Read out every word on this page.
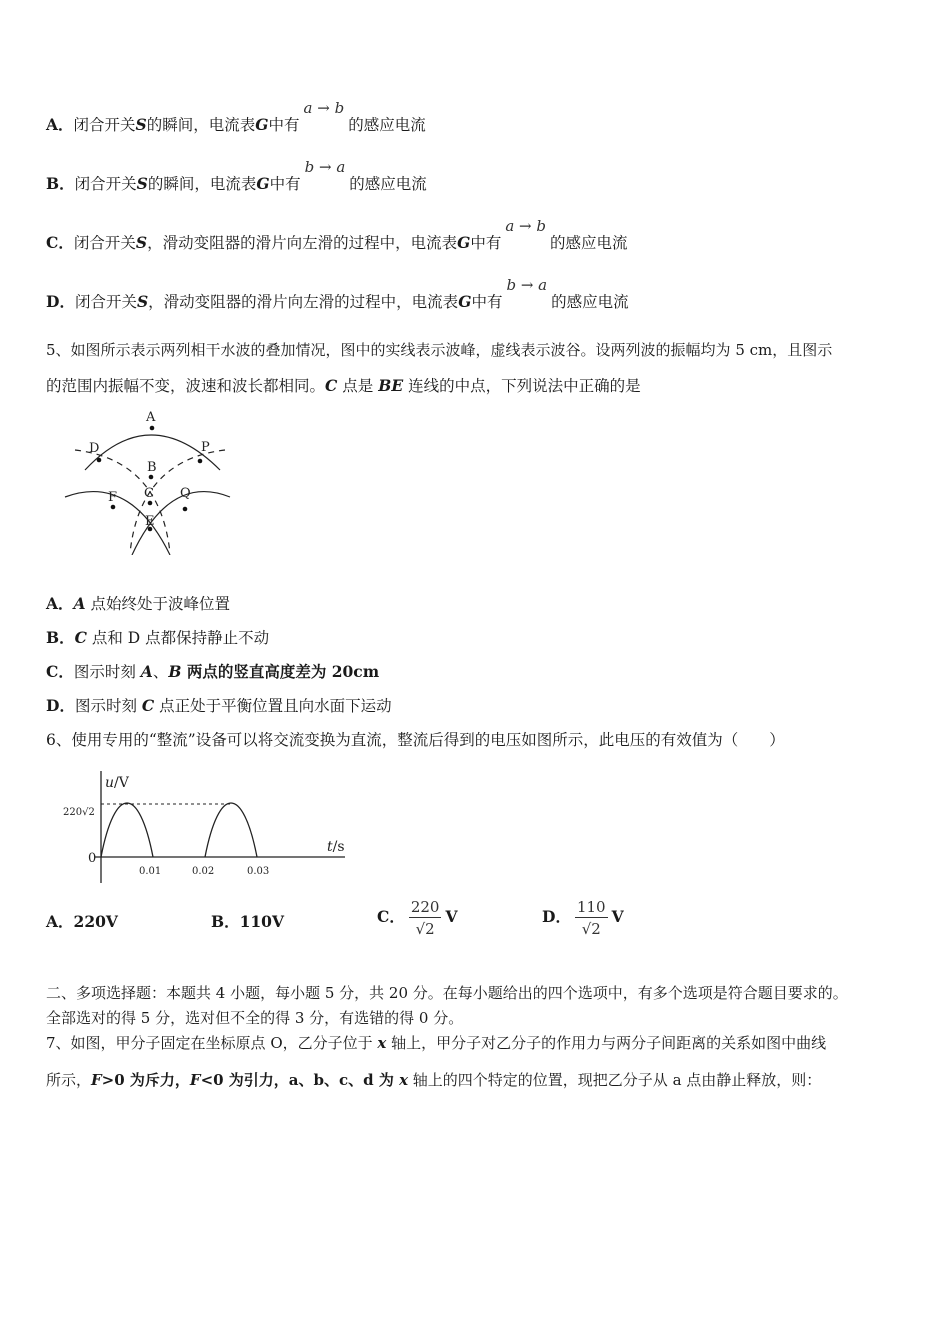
A．闭合开关S的瞬间，电流表G中有a → b的感应电流
B．闭合开关S的瞬间，电流表G中有b → a的感应电流
C．闭合开关S，滑动变阻器的滑片向左滑的过程中，电流表G中有a → b的感应电流
D．闭合开关S，滑动变阻器的滑片向左滑的过程中，电流表G中有b → a的感应电流
5、如图所示表示两列相干水波的叠加情况，图中的实线表示波峰，虚线表示波谷。设两列波的振幅均为 5 cm，且图示
的范围内振幅不变，波速和波长都相同。C 点是 BE 连线的中点，下列说法中正确的是
A
D	P
B
C
F	Q
E
A．A 点始终处于波峰位置
B．C 点和 D 点都保持静止不动
C．图示时刻 A、B 两点的竖直高度差为 20cm
D．图示时刻 C 点正处于平衡位置且向水面下运动
6、使用专用的“整流”设备可以将交流变换为直流，整流后得到的电压如图所示，此电压的有效值为（　　）
u/V
t/s
220√2
0
0.01	0.02	0.03
A．220V	B．110V	C． $\frac{220}{√2}$ V	D． $\frac{110}{√2}$ V
二、多项选择题：本题共 4 小题，每小题 5 分，共 20 分。在每小题给出的四个选项中，有多个选项是符合题目要求的。
全部选对的得 5 分，选对但不全的得 3 分，有选错的得 0 分。
7、如图，甲分子固定在坐标原点 O，乙分子位于 x 轴上，甲分子对乙分子的作用力与两分子间距离的关系如图中曲线
所示，F>0 为斥力，F<0 为引力，a、b、c、d 为 x 轴上的四个特定的位置，现把乙分子从 a 点由静止释放，则：
